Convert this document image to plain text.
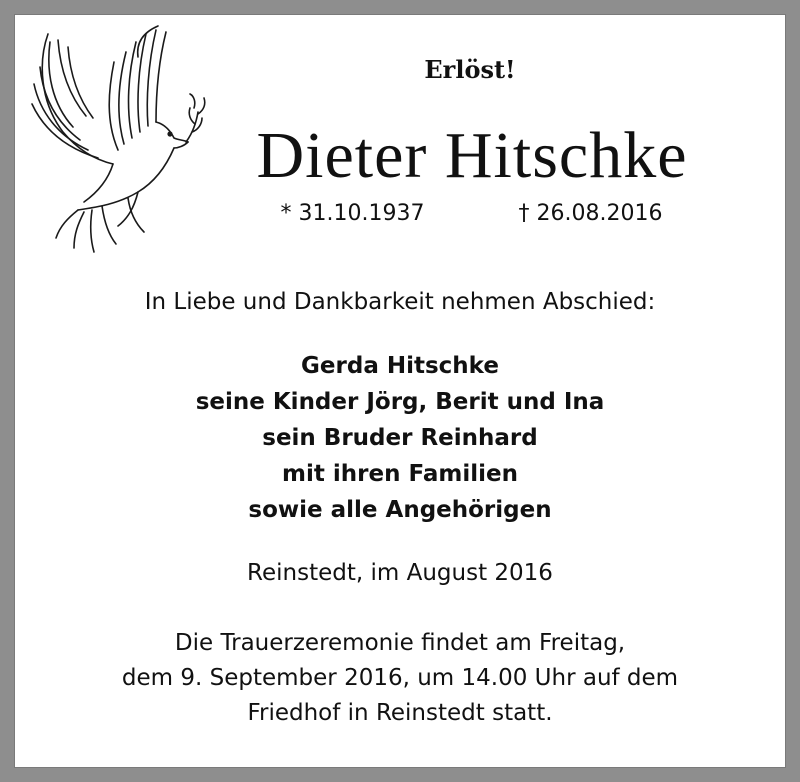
Erlöst!
Dieter Hitschke
* 31.10.1937	† 26.08.2016
In Liebe und Dankbarkeit nehmen Abschied:
Gerda Hitschke
seine Kinder Jörg, Berit und Ina
sein Bruder Reinhard
mit ihren Familien
sowie alle Angehörigen
Reinstedt, im August 2016
Die Trauerzeremonie findet am Freitag,
dem 9. September 2016, um 14.00 Uhr auf dem
Friedhof in Reinstedt statt.
